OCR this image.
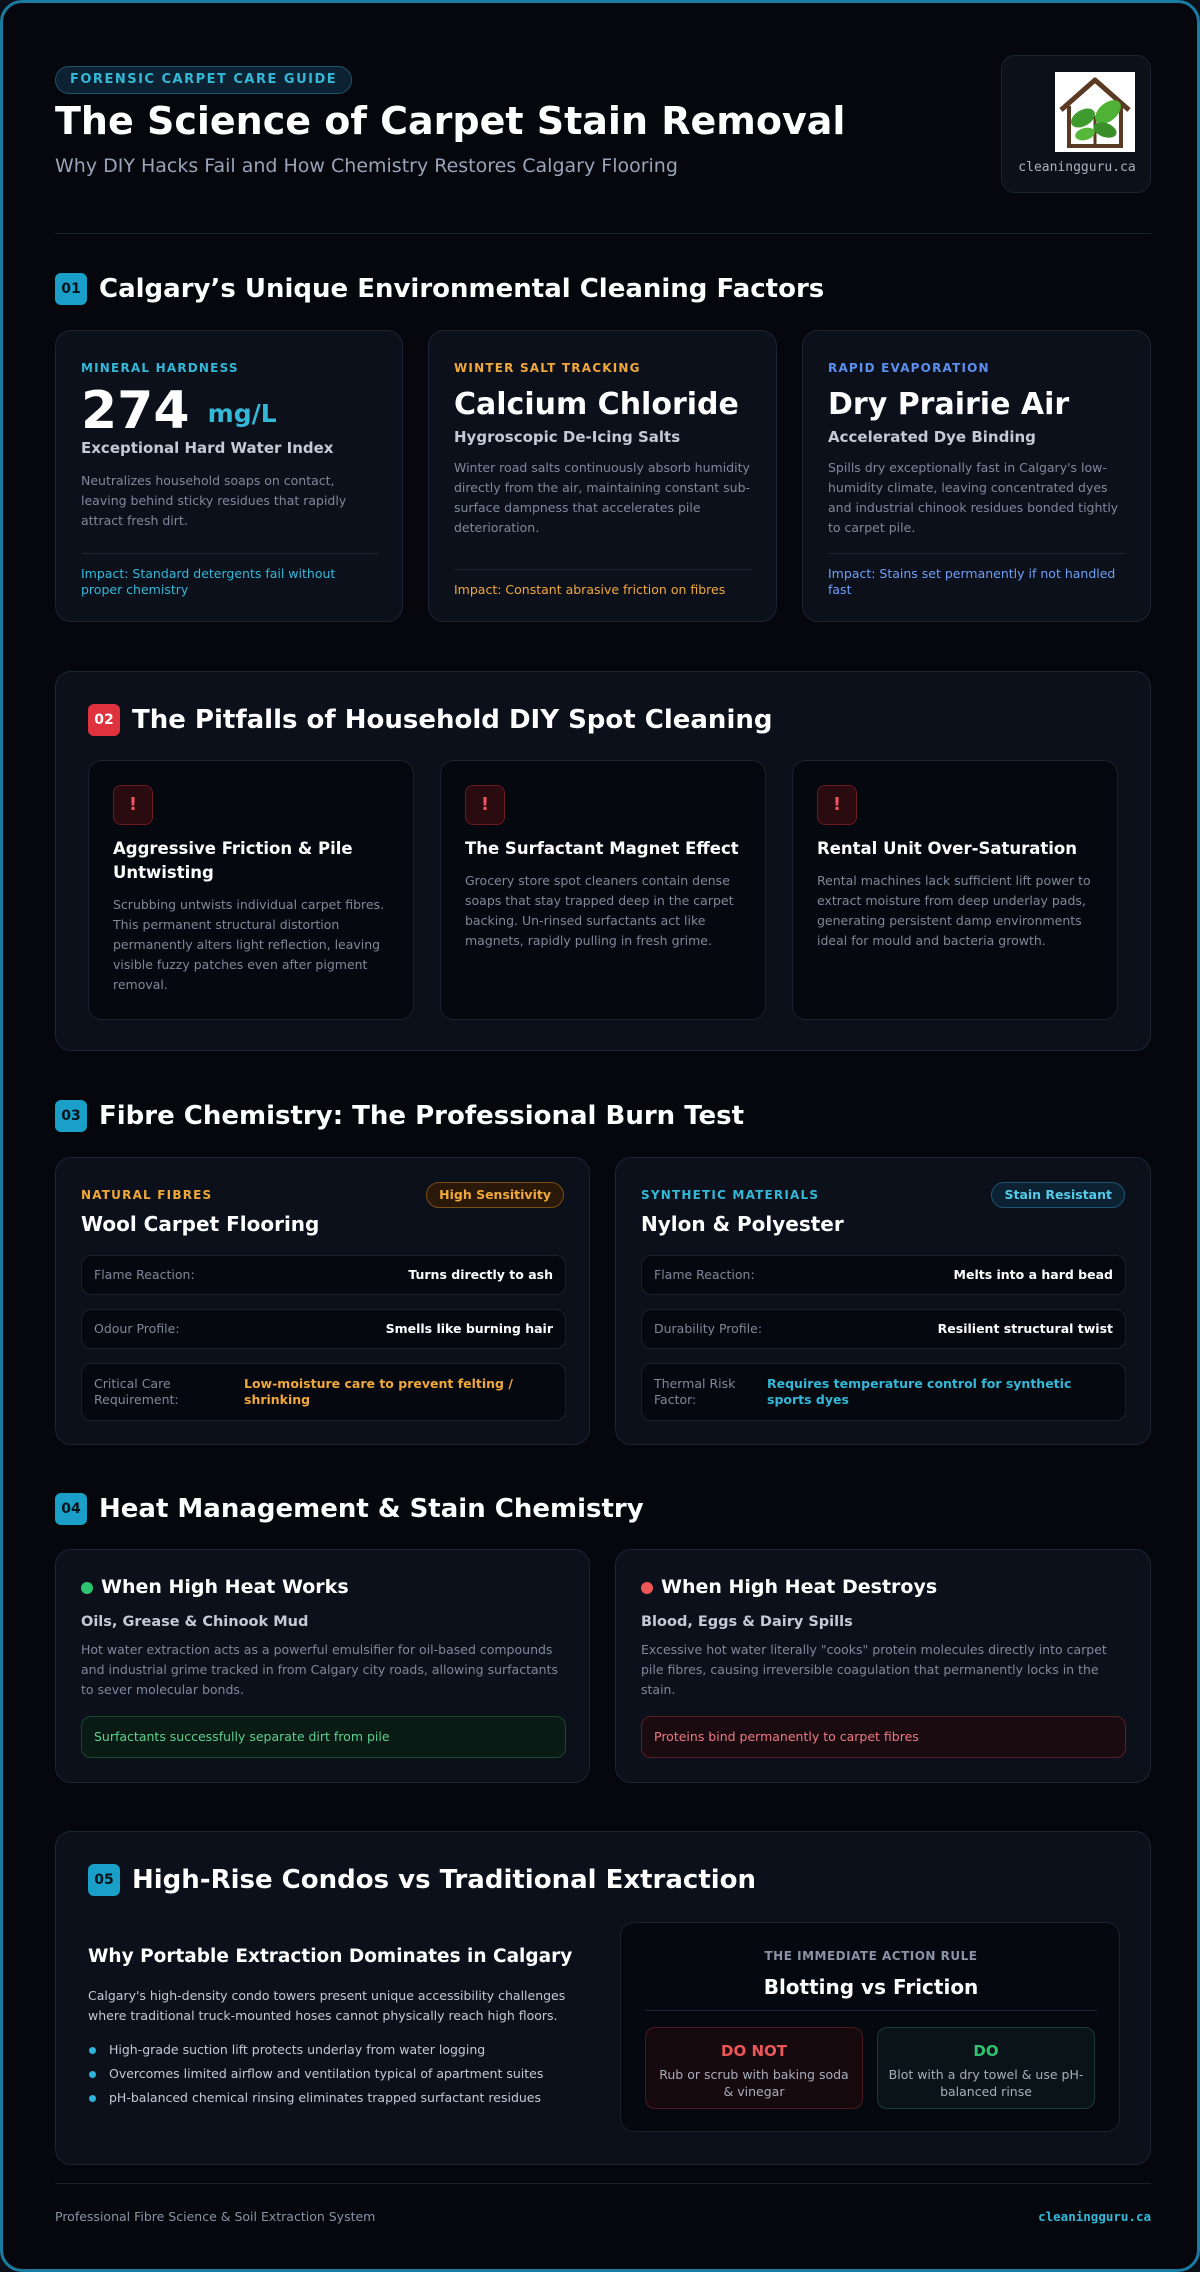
FORENSIC CARPET CARE GUIDE
The Science of Carpet Stain Removal
Why DIY Hacks Fail and How Chemistry Restores Calgary Flooring	cleaningguru.ca
01 Calgary’s Unique Environmental Cleaning Factors
MINERAL HARDNESS
274 mg/L
Exceptional Hard Water Index
Neutralizes household soaps on contact, leaving behind sticky residues that rapidly attract fresh dirt.
Impact: Standard detergents fail without proper chemistry
WINTER SALT TRACKING
Calcium Chloride
Hygroscopic De-Icing Salts
Winter road salts continuously absorb humidity directly from the air, maintaining constant sub-surface dampness that accelerates pile deterioration.
Impact: Constant abrasive friction on fibres
RAPID EVAPORATION
Dry Prairie Air
Accelerated Dye Binding
Spills dry exceptionally fast in Calgary's low-humidity climate, leaving concentrated dyes and industrial chinook residues bonded tightly to carpet pile.
Impact: Stains set permanently if not handled fast
02 The Pitfalls of Household DIY Spot Cleaning
!
Aggressive Friction & Pile Untwisting
Scrubbing untwists individual carpet fibres. This permanent structural distortion permanently alters light reflection, leaving visible fuzzy patches even after pigment removal.
!
The Surfactant Magnet Effect
Grocery store spot cleaners contain dense soaps that stay trapped deep in the carpet backing. Un-rinsed surfactants act like magnets, rapidly pulling in fresh grime.
!
Rental Unit Over-Saturation
Rental machines lack sufficient lift power to extract moisture from deep underlay pads, generating persistent damp environments ideal for mould and bacteria growth.
03 Fibre Chemistry: The Professional Burn Test
NATURAL FIBRES	High Sensitivity
Wool Carpet Flooring
Flame Reaction:	Turns directly to ash
Odour Profile:	Smells like burning hair
Critical Care Requirement:
Low-moisture care to prevent felting / shrinking
SYNTHETIC MATERIALS	Stain Resistant
Nylon & Polyester
Flame Reaction:	Melts into a hard bead
Durability Profile:	Resilient structural twist
Thermal Risk Factor:
Requires temperature control for synthetic sports dyes
04 Heat Management & Stain Chemistry
When High Heat Works
Oils, Grease & Chinook Mud
Hot water extraction acts as a powerful emulsifier for oil-based compounds and industrial grime tracked in from Calgary city roads, allowing surfactants to sever molecular bonds.
Surfactants successfully separate dirt from pile
When High Heat Destroys
Blood, Eggs & Dairy Spills
Excessive hot water literally "cooks" protein molecules directly into carpet pile fibres, causing irreversible coagulation that permanently locks in the stain.
Proteins bind permanently to carpet fibres
05 High-Rise Condos vs Traditional Extraction
Why Portable Extraction Dominates in Calgary
Calgary's high-density condo towers present unique accessibility challenges where traditional truck-mounted hoses cannot physically reach high floors.
High-grade suction lift protects underlay from water logging
Overcomes limited airflow and ventilation typical of apartment suites
pH-balanced chemical rinsing eliminates trapped surfactant residues
THE IMMEDIATE ACTION RULE
Blotting vs Friction
DO NOT
Rub or scrub with baking soda & vinegar
DO
Blot with a dry towel & use pH-balanced rinse
Professional Fibre Science & Soil Extraction System	cleaningguru.ca
